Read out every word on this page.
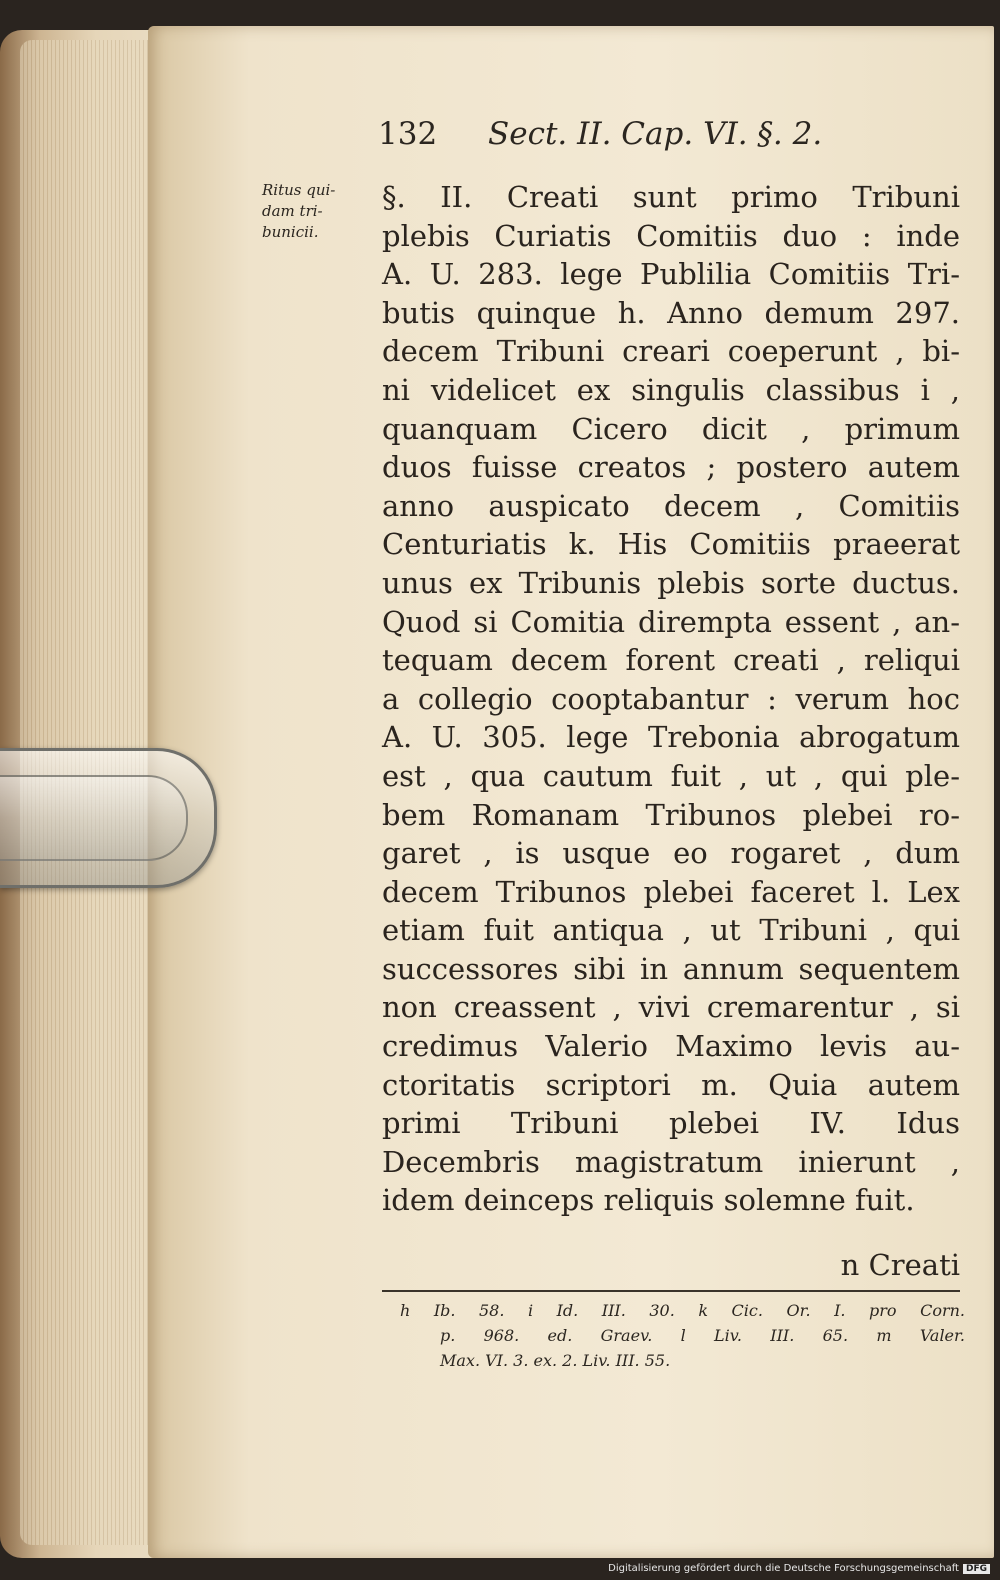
132 Sect. II. Cap. VI. §. 2.
Ritus qui-
dam tri-
bunicii.
§. II. Creati sunt primo Tribuni
plebis Curiatis Comitiis duo : inde
A. U. 283. lege Publilia Comitiis Tri-
butis quinque h. Anno demum 297.
decem Tribuni creari coeperunt , bi-
ni videlicet ex singulis classibus i ,
quanquam Cicero dicit , primum
duos fuisse creatos ; postero autem
anno auspicato decem , Comitiis
Centuriatis k. His Comitiis praeerat
unus ex Tribunis plebis sorte ductus.
Quod si Comitia dirempta essent , an-
tequam decem forent creati , reliqui
a collegio cooptabantur : verum hoc
A. U. 305. lege Trebonia abrogatum
est , qua cautum fuit , ut , qui ple-
bem Romanam Tribunos plebei ro-
garet , is usque eo rogaret , dum
decem Tribunos plebei faceret l. Lex
etiam fuit antiqua , ut Tribuni , qui
successores sibi in annum sequentem
non creassent , vivi cremarentur , si
credimus Valerio Maximo levis au-
ctoritatis scriptori m. Quia autem
primi Tribuni plebei IV. Idus
Decembris magistratum inierunt ,
idem deinceps reliquis solemne fuit.
n Creati
h Ib. 58. i Id. III. 30. k Cic. Or. I. pro Corn.
p. 968. ed. Graev. l Liv. III. 65. m Valer.
Max. VI. 3. ex. 2. Liv. III. 55.
Digitalisierung gefördert durch die Deutsche Forschungsgemeinschaft DFG
